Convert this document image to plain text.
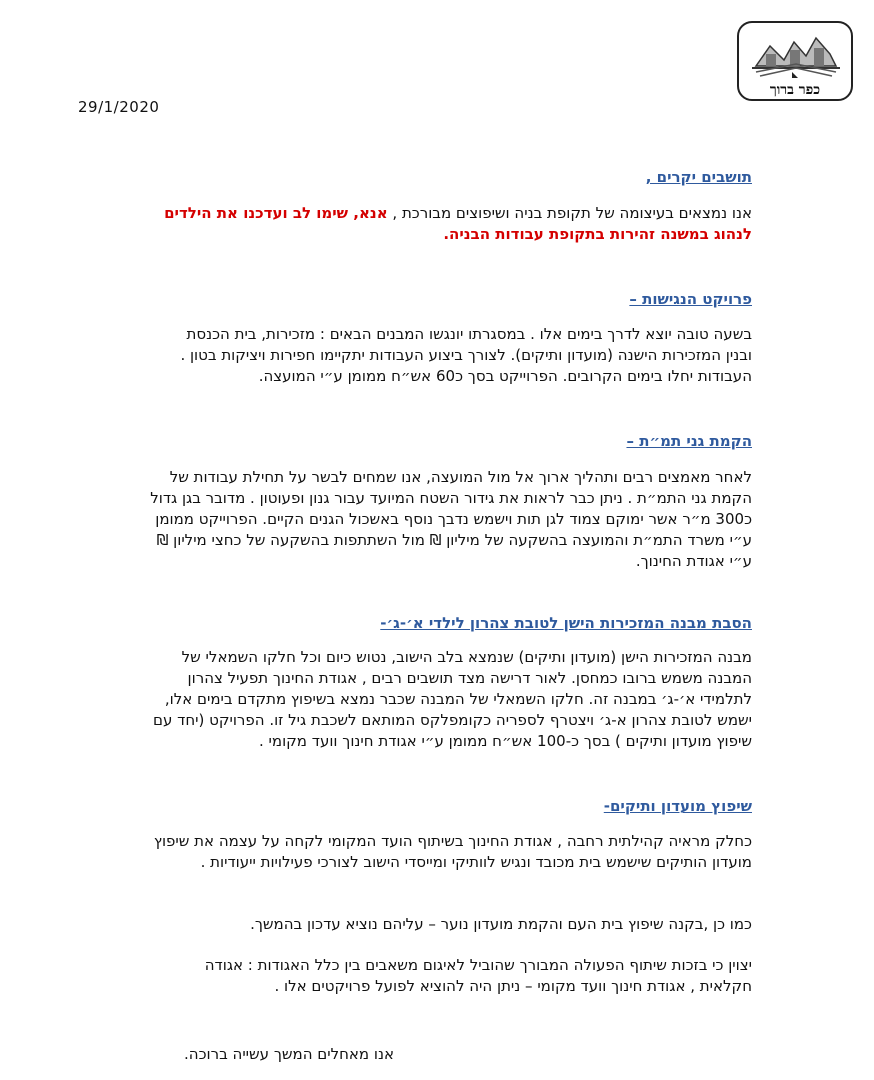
כפר ברוך
29/1/2020
תושבים יקרים ,
אנו נמצאים בעיצומה של תקופת בניה ושיפוצים מבורכת , אנא, שימו לב ועדכנו את הילדים
לנהוג במשנה זהירות בתקופת עבודות הבניה.
פרויקט הנגישות –
בשעה טובה יוצא לדרך בימים אלו . במסגרתו יונגשו המבנים הבאים : מזכירות, בית הכנסת
ובנין המזכירות הישנה (מועדון ותיקים). לצורך ביצוע העבודות יתקיימו חפירות ויציקות בטון .
העבודות יחלו בימים הקרובים. הפרוייקט בסך כ60 אש״ח ממומן ע״י המועצה.
הקמת גני תמ״ת –
לאחר מאמצים רבים ותהליך ארוך אל מול המועצה, אנו שמחים לבשר על תחילת עבודות של
הקמת גני התמ״ת . ניתן כבר לראות את גידור השטח המיועד עבור גנון ופעוטון . מדובר בגן גדול
כ300 מ״ר אשר ימוקם צמוד לגן תות וישמש נדבך נוסף באשכול הגנים הקיים. הפרוייקט ממומן
ע״י משרד התמ״ת והמועצה בהשקעה של מיליון ₪ מול השתתפות בהשקעה של כחצי מיליון ₪
ע״י אגודת החינוך.
הסבת מבנה המזכירות הישן לטובת צהרון לילדי א׳-ג׳-
מבנה המזכירות הישן (מועדון ותיקים) שנמצא בלב הישוב, נטוש כיום וכל חלקו השמאלי של
המבנה משמש ברובו כמחסן. לאור דרישה מצד תושבים רבים , אגודת החינוך תפעיל צהרון
לתלמידי א׳-ג׳ במבנה זה. חלקו השמאלי של המבנה שכבר נמצא בשיפוץ מתקדם בימים אלו,
ישמש לטובת צהרון א-ג׳ ויצטרף לספריה כקומפלקס המותאם לשכבת גיל זו. הפרויקט (יחד עם
שיפוץ מועדון ותיקים ) בסך כ-100 אש״ח ממומן ע״י אגודת חינוך וועד מקומי .
שיפוץ מועדון ותיקים-
כחלק מראיה קהילתית רחבה , אגודת החינוך בשיתוף הועד המקומי לקחה על עצמה את שיפוץ
מועדון הותיקים שישמש בית מכובד ונגיש לוותיקי ומייסדי הישוב לצורכי פעילויות ייעודיות .
כמו כן ,בקנה שיפוץ בית העם והקמת מועדון נוער – עליהם נוציא עדכון בהמשך.
יצוין כי בזכות שיתוף הפעולה המבורך שהוביל לאיגום משאבים בין כלל האגודות : אגודה
חקלאית , אגודת חינוך וועד מקומי – ניתן היה להוציא לפועל פרויקטים אלו .
אנו מאחלים המשך עשייה ברוכה.
